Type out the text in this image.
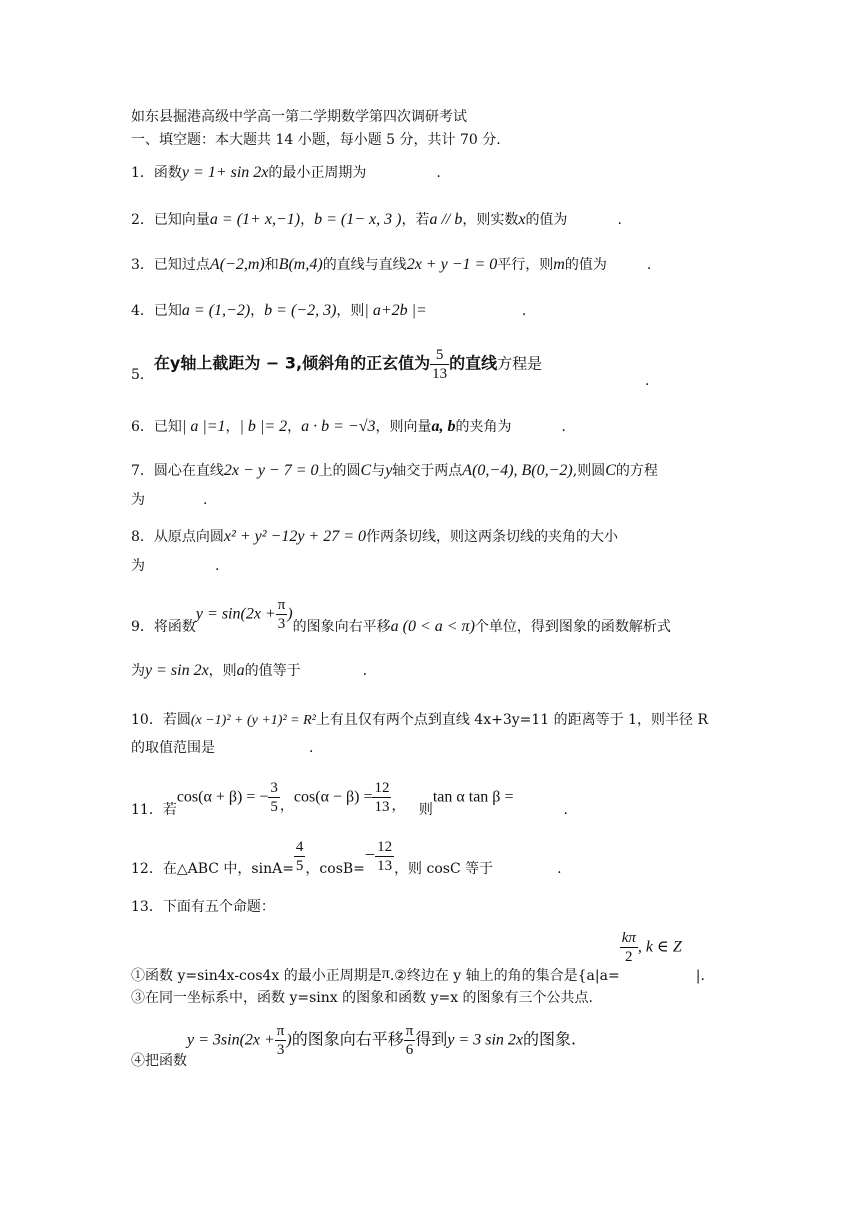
如东县掘港高级中学高一第二学期数学第四次调研考试
一、填空题：本大题共 14 小题，每小题 5 分，共计 70 分.
1．函数y = 1+ sin 2x的最小正周期为	.
2．已知向量a = (1+ x,−1)，b = (1− x, 3 )，若a // b，则实数x的值为	.
3．已知过点A(−2,m)和B(m,4)的直线与直线2x + y −1 = 0平行，则m的值为	.
4．已知a = (1,−2)，b = (−2, 3)，则| a+2b |=	.
5．在y轴上截距为 − 3,倾斜角的正玄值为 $\frac{5}{13}$ 的直线方程是
.
6．已知| a |=1，| b |= 2，a · b = −√3，则向量a, b的夹角为	.
7．圆心在直线2x − y − 7 = 0上的圆C与y轴交于两点A(0,−4), B(0,−2),则圆C的方程
为	.
8．从原点向圆x² + y² −12y + 27 = 0作两条切线，则这两条切线的夹角的大小
为	.
9．将函数$y = \sin(2x + \frac{\pi}{3}$ )的图象向右平移a (0 < a < π)个单位，得到图象的函数解析式
为y = sin 2x，则a的值等于	.
10．若圆(x −1)² + (y +1)² = R²上有且仅有两个点到直线 4x+3y=11 的距离等于 1，则半径 R
的取值范围是	.
11．若cos(α + β) = − $\frac{3}{5}$ ，$\cos(\alpha - \beta) = \frac{12}{13}$ ， 则tan α tan β =.
12．在△ABC 中，$\sin A= \frac{4}{5}$ ，$\cos B=- \frac{12}{13}$ ，则 cosC 等于	.
13．下面有五个命题：
①函数 y=sin4x-cos4x 的最小正周期是π.②终边在 y 轴上的角的集合是{a|a=
$\frac{k\pi}{2}$ , k ∈ Z|.
③在同一坐标系中，函数 y=sinx 的图象和函数 y=x 的图象有三个公共点.
④把函数$y = 3\sin(2x + \frac{\pi}{3}$ )的图象向右平移 $\frac{\pi}{6}$ 得到y = 3 sin 2x的图象.
